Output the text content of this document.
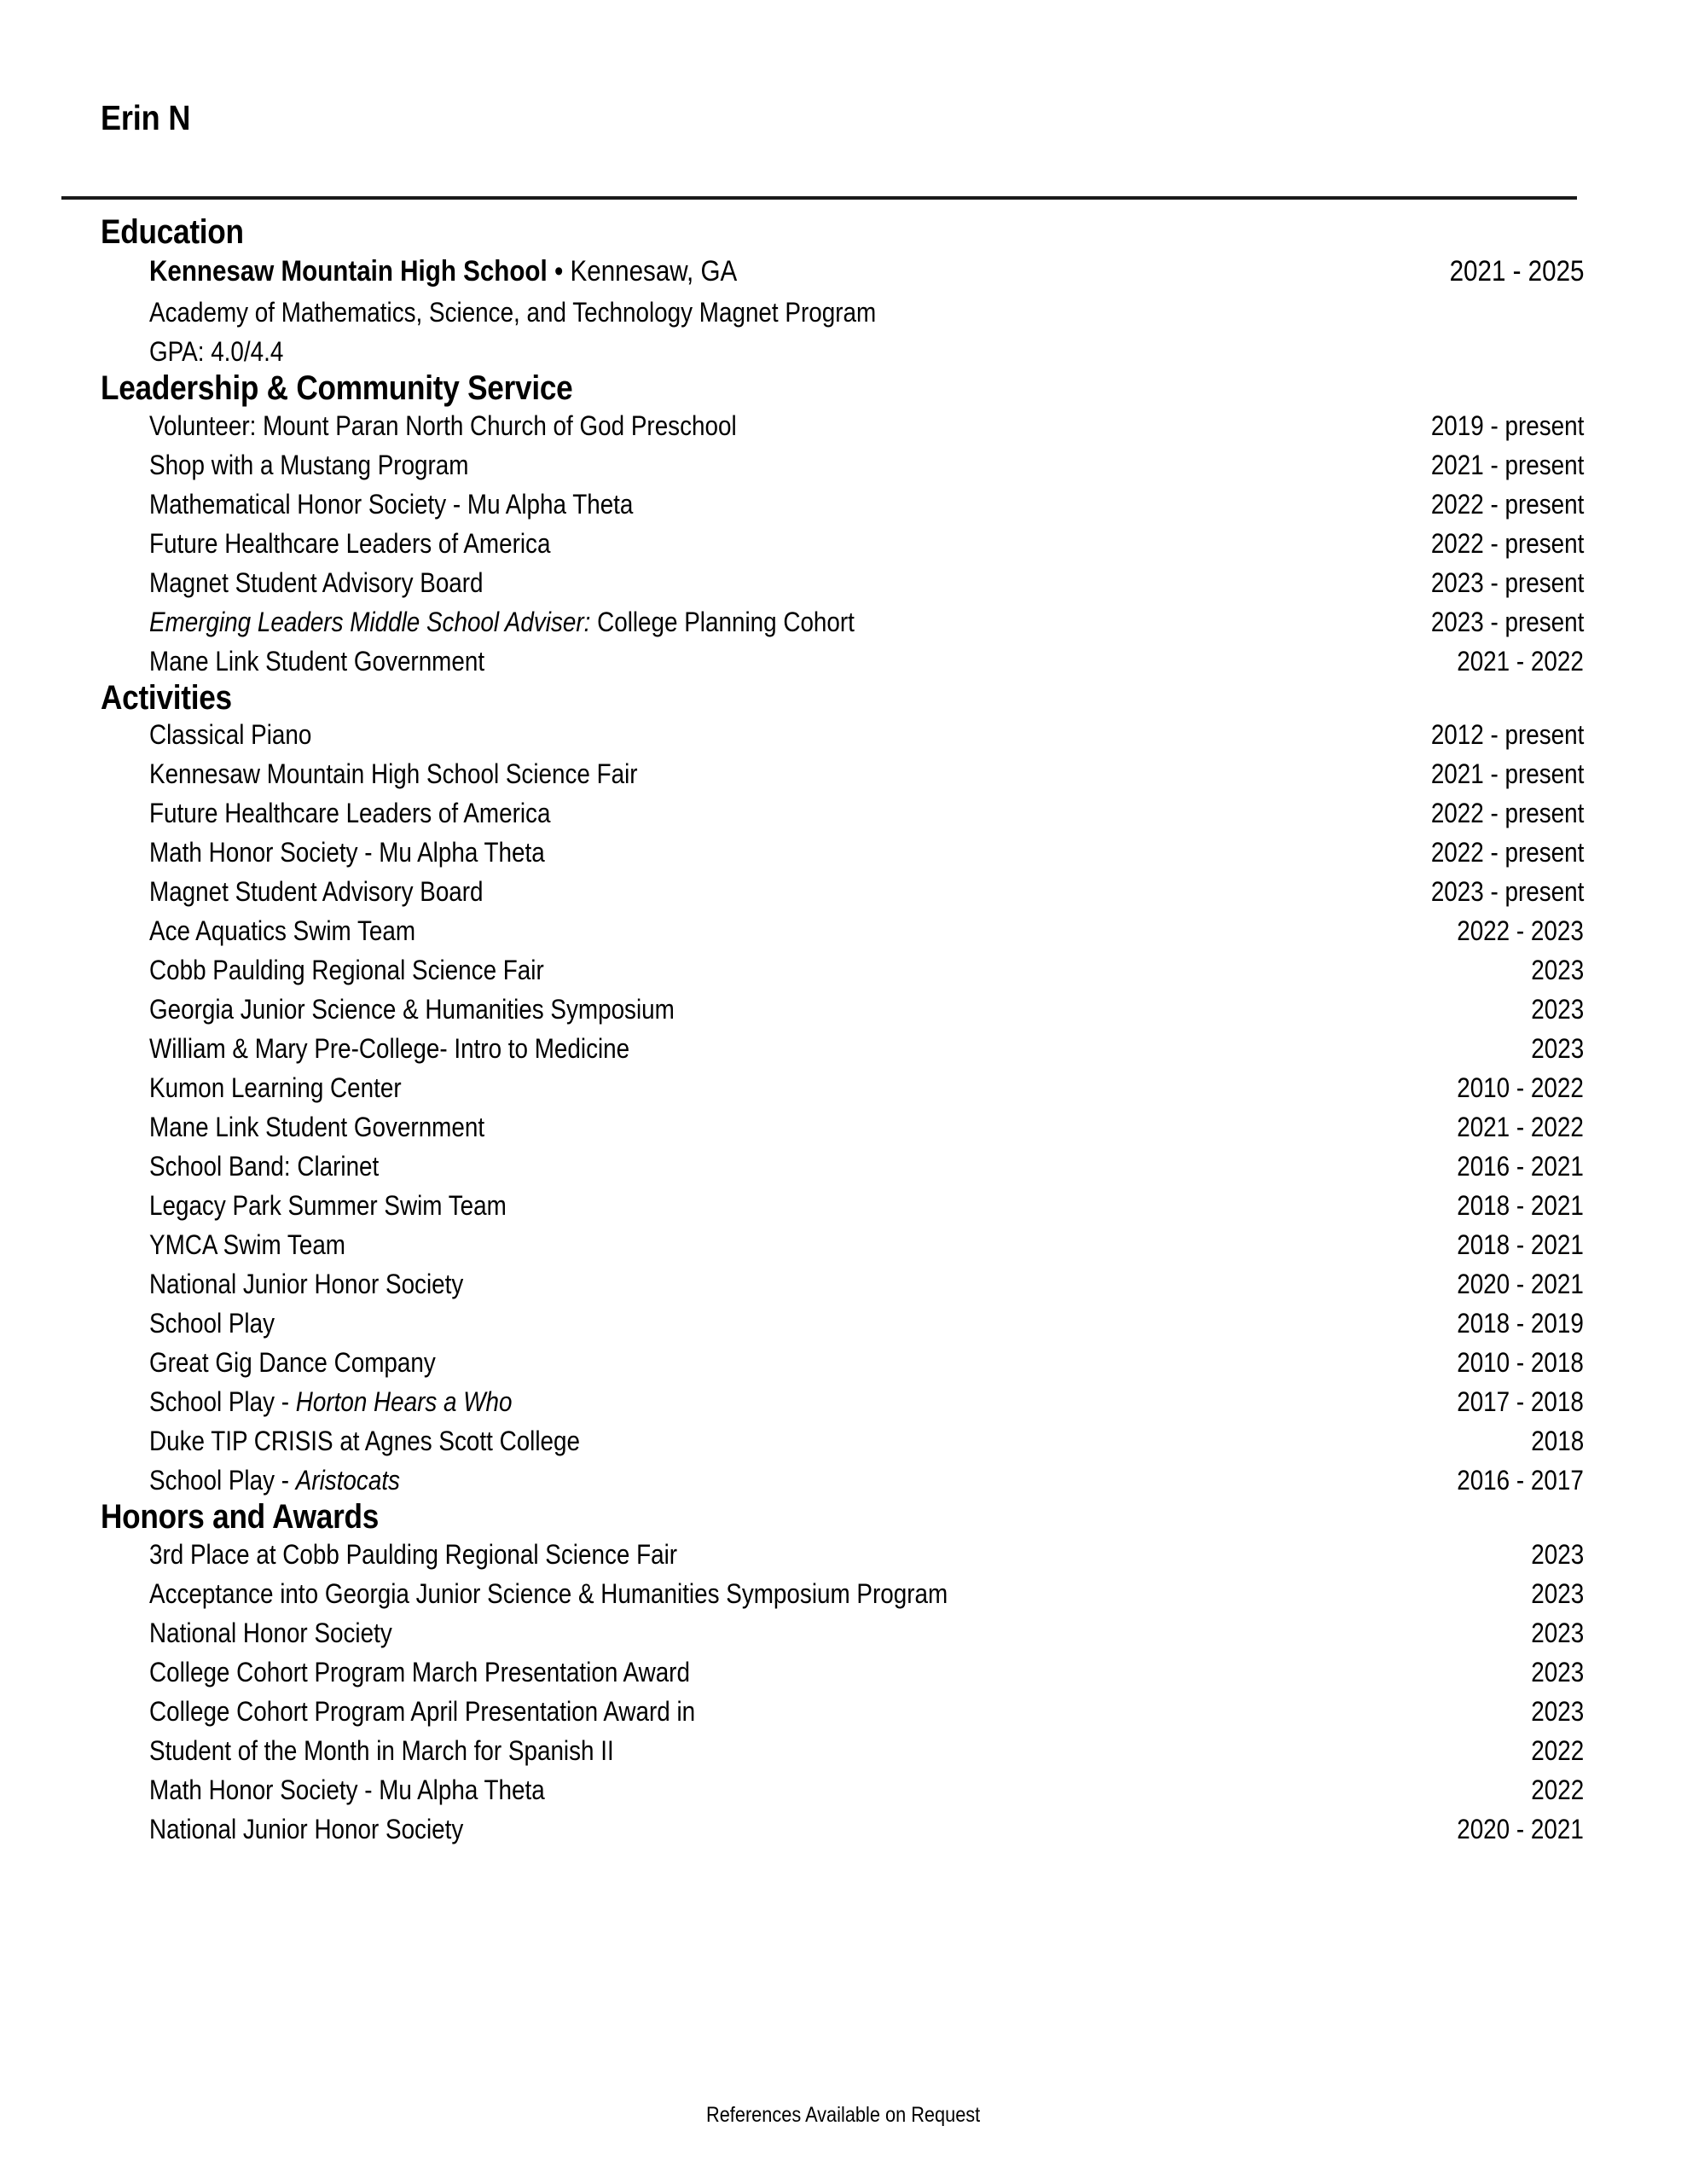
Erin N
Education
Kennesaw Mountain High School • Kennesaw, GA	2021 - 2025
Academy of Mathematics, Science, and Technology Magnet Program
GPA: 4.0/4.4
Leadership & Community Service
Volunteer: Mount Paran North Church of God Preschool	2019 - present
Shop with a Mustang Program	2021 - present
Mathematical Honor Society - Mu Alpha Theta	2022 - present
Future Healthcare Leaders of America	2022 - present
Magnet Student Advisory Board	2023 - present
Emerging Leaders Middle School Adviser: College Planning Cohort	2023 - present
Mane Link Student Government	2021 - 2022
Activities
Classical Piano	2012 - present
Kennesaw Mountain High School Science Fair	2021 - present
Future Healthcare Leaders of America	2022 - present
Math Honor Society - Mu Alpha Theta	2022 - present
Magnet Student Advisory Board	2023 - present
Ace Aquatics Swim Team	2022 - 2023
Cobb Paulding Regional Science Fair	2023
Georgia Junior Science & Humanities Symposium	2023
William & Mary Pre-College- Intro to Medicine	2023
Kumon Learning Center	2010 - 2022
Mane Link Student Government	2021 - 2022
School Band: Clarinet	2016 - 2021
Legacy Park Summer Swim Team	2018 - 2021
YMCA Swim Team	2018 - 2021
National Junior Honor Society	2020 - 2021
School Play	2018 - 2019
Great Gig Dance Company	2010 - 2018
School Play - Horton Hears a Who	2017 - 2018
Duke TIP CRISIS at Agnes Scott College	2018
School Play - Aristocats	2016 - 2017
Honors and Awards
3rd Place at Cobb Paulding Regional Science Fair	2023
Acceptance into Georgia Junior Science & Humanities Symposium Program	2023
National Honor Society	2023
College Cohort Program March Presentation Award	2023
College Cohort Program April Presentation Award in	2023
Student of the Month in March for Spanish II	2022
Math Honor Society - Mu Alpha Theta	2022
National Junior Honor Society	2020 - 2021
References Available on Request
